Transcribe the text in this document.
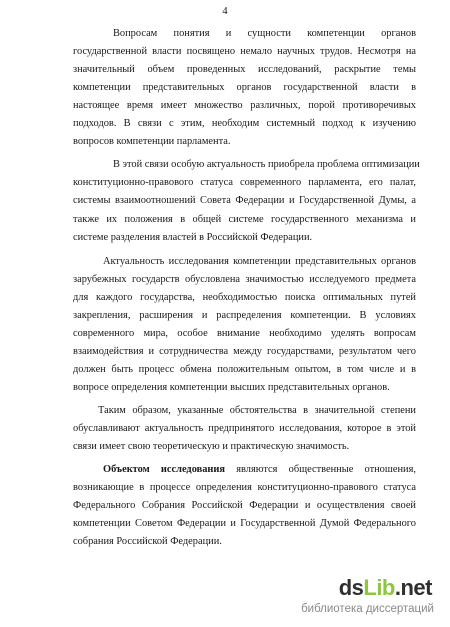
4
Вопросам понятия и сущности компетенции органов
государственной власти посвящено немало научных трудов. Несмотря на
значительный объем проведенных исследований, раскрытие темы
компетенции представительных органов государственной власти в
настоящее время имеет множество различных, порой противоречивых
подходов. В связи с этим, необходим системный подход к изучению
вопросов компетенции парламента.
В этой связи особую актуальность приобрела проблема оптимизации
конституционно-правового статуса современного парламента, его палат,
системы взаимоотношений Совета Федерации и Государственной Думы, а
также их положения в общей системе государственного механизма и
системе разделения властей в Российской Федерации.
Актуальность исследования компетенции представительных органов
зарубежных государств обусловлена значимостью исследуемого предмета
для каждого государства, необходимостью поиска оптимальных путей
закрепления, расширения и распределения компетенции. В условиях
современного мира, особое внимание необходимо уделять вопросам
взаимодействия и сотрудничества между государствами, результатом чего
должен быть процесс обмена положительным опытом, в том числе и в
вопросе определения компетенции высших представительных органов.
Таким образом, указанные обстоятельства в значительной степени
обуславливают актуальность предпринятого исследования, которое в этой
связи имеет свою теоретическую и практическую значимость.
Объектом исследования являются общественные отношения,
возникающие в процессе определения конституционно-правового статуса
Федерального Собрания Российской Федерации и осуществления своей
компетенции Советом Федерации и Государственной Думой Федерального
собрания Российской Федерации.
dsLib.net
библиотека диссертаций
